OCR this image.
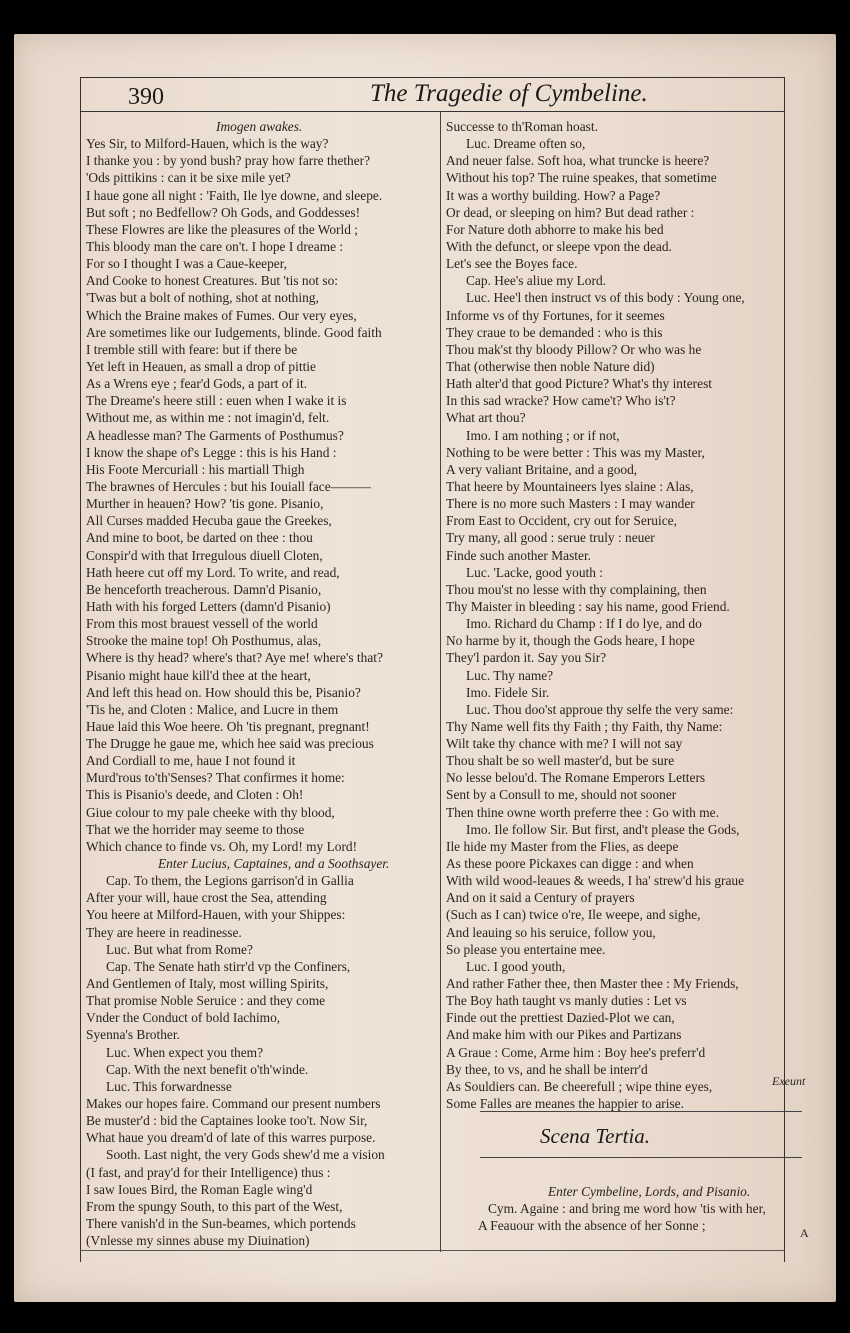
390	The Tragedie of Cymbeline.
Imogen awakes.
Yes Sir, to Milford-Hauen, which is the way?
I thanke you : by yond bush? pray how farre thether?
'Ods pittikins : can it be sixe mile yet?
I haue gone all night : 'Faith, Ile lye downe, and sleepe.
But soft ; no Bedfellow? Oh Gods, and Goddesses!
These Flowres are like the pleasures of the World ;
This bloody man the care on't. I hope I dreame :
For so I thought I was a Caue-keeper,
And Cooke to honest Creatures. But 'tis not so:
'Twas but a bolt of nothing, shot at nothing,
Which the Braine makes of Fumes. Our very eyes,
Are sometimes like our Iudgements, blinde. Good faith
I tremble still with feare: but if there be
Yet left in Heauen, as small a drop of pittie
As a Wrens eye ; fear'd Gods, a part of it.
The Dreame's heere still : euen when I wake it is
Without me, as within me : not imagin'd, felt.
A headlesse man? The Garments of Posthumus?
I know the shape of's Legge : this is his Hand :
His Foote Mercuriall : his martiall Thigh
The brawnes of Hercules : but his Iouiall face———
Murther in heauen? How? 'tis gone. Pisanio,
All Curses madded Hecuba gaue the Greekes,
And mine to boot, be darted on thee : thou
Conspir'd with that Irregulous diuell Cloten,
Hath heere cut off my Lord. To write, and read,
Be henceforth treacherous. Damn'd Pisanio,
Hath with his forged Letters (damn'd Pisanio)
From this most brauest vessell of the world
Strooke the maine top! Oh Posthumus, alas,
Where is thy head? where's that? Aye me! where's that?
Pisanio might haue kill'd thee at the heart,
And left this head on. How should this be, Pisanio?
'Tis he, and Cloten : Malice, and Lucre in them
Haue laid this Woe heere. Oh 'tis pregnant, pregnant!
The Drugge he gaue me, which hee said was precious
And Cordiall to me, haue I not found it
Murd'rous to'th'Senses? That confirmes it home:
This is Pisanio's deede, and Cloten : Oh!
Giue colour to my pale cheeke with thy blood,
That we the horrider may seeme to those
Which chance to finde vs. Oh, my Lord! my Lord!
Enter Lucius, Captaines, and a Soothsayer.
Cap. To them, the Legions garrison'd in Gallia
After your will, haue crost the Sea, attending
You heere at Milford-Hauen, with your Shippes:
They are heere in readinesse.
Luc. But what from Rome?
Cap. The Senate hath stirr'd vp the Confiners,
And Gentlemen of Italy, most willing Spirits,
That promise Noble Seruice : and they come
Vnder the Conduct of bold Iachimo,
Syenna's Brother.
Luc. When expect you them?
Cap. With the next benefit o'th'winde.
Luc. This forwardnesse
Makes our hopes faire. Command our present numbers
Be muster'd : bid the Captaines looke too't. Now Sir,
What haue you dream'd of late of this warres purpose.
Sooth. Last night, the very Gods shew'd me a vision
(I fast, and pray'd for their Intelligence) thus :
I saw Ioues Bird, the Roman Eagle wing'd
From the spungy South, to this part of the West,
There vanish'd in the Sun-beames, which portends
(Vnlesse my sinnes abuse my Diuination)
Successe to th'Roman hoast.
Luc. Dreame often so,
And neuer false. Soft hoa, what truncke is heere?
Without his top? The ruine speakes, that sometime
It was a worthy building. How? a Page?
Or dead, or sleeping on him? But dead rather :
For Nature doth abhorre to make his bed
With the defunct, or sleepe vpon the dead.
Let's see the Boyes face.
Cap. Hee's aliue my Lord.
Luc. Hee'l then instruct vs of this body : Young one,
Informe vs of thy Fortunes, for it seemes
They craue to be demanded : who is this
Thou mak'st thy bloody Pillow? Or who was he
That (otherwise then noble Nature did)
Hath alter'd that good Picture? What's thy interest
In this sad wracke? How came't? Who is't?
What art thou?
Imo. I am nothing ; or if not,
Nothing to be were better : This was my Master,
A very valiant Britaine, and a good,
That heere by Mountaineers lyes slaine : Alas,
There is no more such Masters : I may wander
From East to Occident, cry out for Seruice,
Try many, all good : serue truly : neuer
Finde such another Master.
Luc. 'Lacke, good youth :
Thou mou'st no lesse with thy complaining, then
Thy Maister in bleeding : say his name, good Friend.
Imo. Richard du Champ : If I do lye, and do
No harme by it, though the Gods heare, I hope
They'l pardon it. Say you Sir?
Luc. Thy name?
Imo. Fidele Sir.
Luc. Thou doo'st approue thy selfe the very same:
Thy Name well fits thy Faith ; thy Faith, thy Name:
Wilt take thy chance with me? I will not say
Thou shalt be so well master'd, but be sure
No lesse belou'd. The Romane Emperors Letters
Sent by a Consull to me, should not sooner
Then thine owne worth preferre thee : Go with me.
Imo. Ile follow Sir. But first, and't please the Gods,
Ile hide my Master from the Flies, as deepe
As these poore Pickaxes can digge : and when
With wild wood-leaues & weeds, I ha' strew'd his graue
And on it said a Century of prayers
(Such as I can) twice o're, Ile weepe, and sighe,
And leauing so his seruice, follow you,
So please you entertaine mee.
Luc. I good youth,
And rather Father thee, then Master thee : My Friends,
The Boy hath taught vs manly duties : Let vs
Finde out the prettiest Dazied-Plot we can,
And make him with our Pikes and Partizans
A Graue : Come, Arme him : Boy hee's preferr'd
By thee, to vs, and he shall be interr'd
As Souldiers can. Be cheerefull ; wipe thine eyes,
Some Falles are meanes the happier to arise.
Exeunt
Scena Tertia.
Enter Cymbeline, Lords, and Pisanio.
Cym. Againe : and bring me word how 'tis with her,
A Feauour with the absence of her Sonne ;	A
